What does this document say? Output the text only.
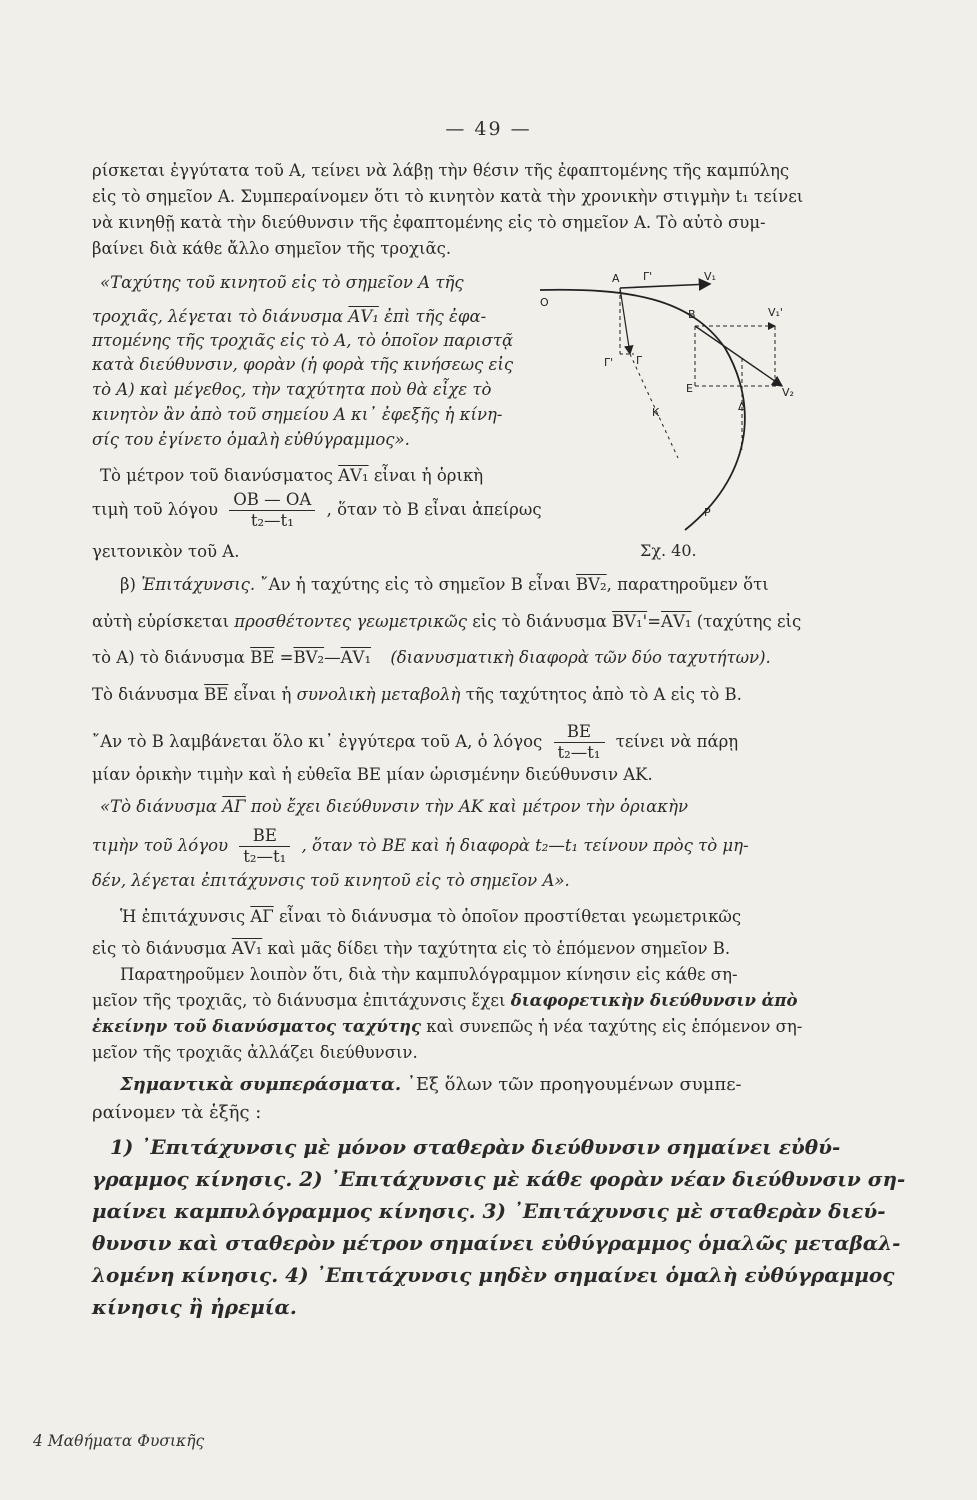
— 49 —
ρίσκεται ἐγγύτατα τοῦ Α, τείνει νὰ λάβῃ τὴν θέσιν τῆς ἐφαπτομένης τῆς καμπύλης
εἰς τὸ σημεῖον Α. Συμπεραίνομεν ὅτι τὸ κινητὸν κατὰ τὴν χρονικὴν στιγμὴν t₁ τείνει
νὰ κινηθῇ κατὰ τὴν διεύθυνσιν τῆς ἐφαπτομένης εἰς τὸ σημεῖον Α. Τὸ αὐτὸ συμ-
βαίνει διὰ κάθε ἄλλο σημεῖον τῆς τροχιᾶς.
«Ταχύτης τοῦ κινητοῦ εἰς τὸ σημεῖον Α τῆς
τροχιᾶς, λέγεται τὸ διάνυσμα ΑV₁ ἐπὶ τῆς ἐφα-
πτομένης τῆς τροχιᾶς εἰς τὸ Α, τὸ ὁποῖον παριστᾷ
κατὰ διεύθυνσιν, φορὰν (ἡ φορὰ τῆς κινήσεως εἰς
τὸ Α) καὶ μέγεθος, τὴν ταχύτητα ποὺ θὰ εἶχε τὸ
κινητὸν ἂν ἀπὸ τοῦ σημείου Α κι᾽ ἐφεξῆς ἡ κίνη-
σίς του ἐγίνετο ὁμαλὴ εὐθύγραμμος».
Τὸ μέτρον τοῦ διανύσματος ΑV₁ εἶναι ἡ ὁρικὴ
τιμὴ τοῦ λόγου $\frac{OB — OA}{\text{t₂—t₁}}$ , ὅταν τὸ Β εἶναι ἀπείρως
γειτονικὸν τοῦ Α.
Α Γ'	V₁
O
Β	V₁'
Γ' Γ
Ε	V₂
Κ	Δ
Ι
Ρ
Σχ. 40.
β) Ἐπιτάχυνσις. ῎Αν ἡ ταχύτης εἰς τὸ σημεῖον Β εἶναι ΒV₂, παρατηροῦμεν ὅτι
αὐτὴ εὑρίσκεται προσθέτοντες γεωμετρικῶς εἰς τὸ διάνυσμα ΒV₁'=ΑV₁ (ταχύτης εἰς
τὸ Α) τὸ διάνυσμα $\overline{BE}$ =ΒV₂—ΑV₁ (διανυσματικὴ διαφορὰ τῶν δύο ταχυτήτων).
Τὸ διάνυσμα $\overline{BE}$ εἶναι ἡ συνολικὴ μεταβολὴ τῆς ταχύτητος ἀπὸ τὸ Α εἰς τὸ Β.
῎Αν τὸ Β λαμβάνεται ὅλο κι᾽ ἐγγύτερα τοῦ Α, ὁ λόγος $\frac{BE}{\text{t₂—t₁}}$ τείνει νὰ πάρῃ
μίαν ὁρικὴν τιμὴν καὶ ἡ εὐθεῖα ΒΕ μίαν ὡρισμένην διεύθυνσιν ΑΚ.
«Τὸ διάνυσμα $\overline{A\Gamma}$ ποὺ ἔχει διεύθυνσιν τὴν ΑΚ καὶ μέτρον τὴν ὁριακὴν
τιμὴν τοῦ λόγου $\frac{BE}{\text{t₂—t₁}}$ , ὅταν τὸ ΒΕ καὶ ἡ διαφορὰ t₂—t₁ τείνουν πρὸς τὸ μη-
δέν, λέγεται ἐπιτάχυνσις τοῦ κινητοῦ εἰς τὸ σημεῖον Α».
Ἡ ἐπιτάχυνσις $\overline{A\Gamma}$ εἶναι τὸ διάνυσμα τὸ ὁποῖον προστίθεται γεωμετρικῶς
εἰς τὸ διάνυσμα ΑV₁ καὶ μᾶς δίδει τὴν ταχύτητα εἰς τὸ ἑπόμενον σημεῖον Β.
Παρατηροῦμεν λοιπὸν ὅτι, διὰ τὴν καμπυλόγραμμον κίνησιν εἰς κάθε ση-
μεῖον τῆς τροχιᾶς, τὸ διάνυσμα ἐπιτάχυνσις ἔχει διαφορετικὴν διεύθυνσιν ἀπὸ
ἐκείνην τοῦ διανύσματος ταχύτης καὶ συνεπῶς ἡ νέα ταχύτης εἰς ἑπόμενον ση-
μεῖον τῆς τροχιᾶς ἀλλάζει διεύθυνσιν.
Σημαντικὰ συμπεράσματα. ᾿Εξ ὅλων τῶν προηγουμένων συμπε-
ραίνομεν τὰ ἑξῆς :
1) ᾿Επιτάχυνσις μὲ μόνον σταθερὰν διεύθυνσιν σημαίνει εὐθύ-
γραμμος κίνησις. 2) ᾿Επιτάχυνσις μὲ κάθε φορὰν νέαν διεύθυνσιν ση-
μαίνει καμπυλόγραμμος κίνησις. 3) ᾿Επιτάχυνσις μὲ σταθερὰν διεύ-
θυνσιν καὶ σταθερὸν μέτρον σημαίνει εὐθύγραμμος ὁμαλῶς μεταβαλ-
λομένη κίνησις. 4) ᾿Επιτάχυνσις μηδὲν σημαίνει ὁμαλὴ εὐθύγραμμος
κίνησις ἢ ἠρεμία.
4 Μαθήματα Φυσικῆς
